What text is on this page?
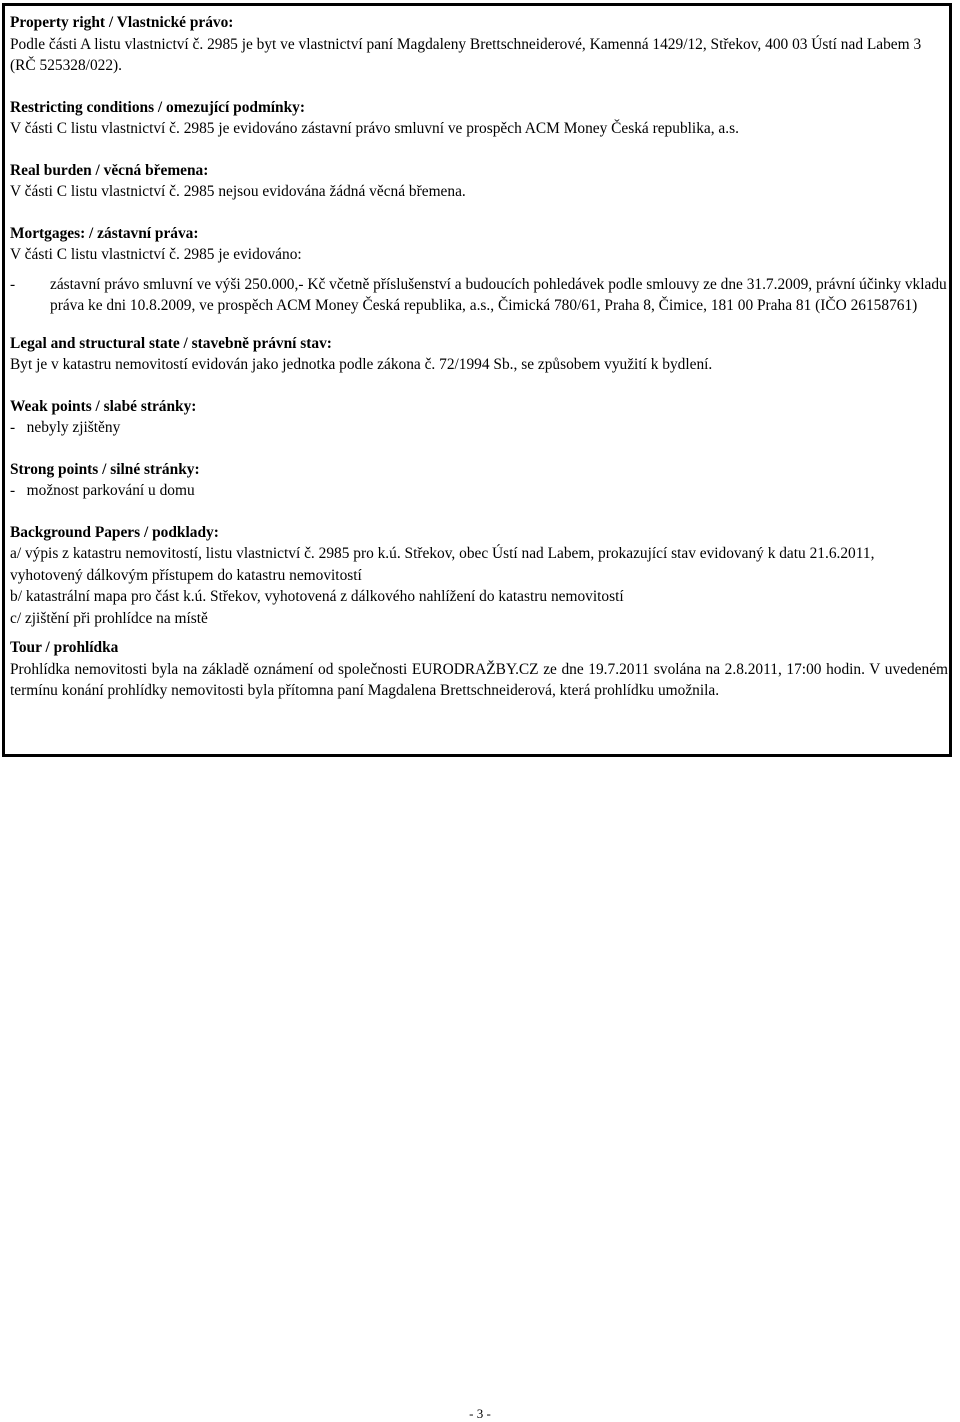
Property right / Vlastnické právo:

Podle části A listu vlastnictví č. 2985 je byt ve vlastnictví paní Magdaleny Brettschneiderové, Kamenná 1429/12, Střekov, 400 03 Ústí nad Labem 3 (RČ 525328/022).

Restricting conditions / omezující podmínky:

V části C listu vlastnictví č. 2985 je evidováno zástavní právo smluvní ve prospěch ACM Money Česká republika, a.s.

Real burden / věcná břemena:

V části C listu vlastnictví č. 2985 nejsou evidována žádná věcná břemena.

Mortgages: / zástavní práva:

V části C listu vlastnictví č. 2985 je evidováno:

-	zástavní právo smluvní ve výši 250.000,- Kč včetně příslušenství a budoucích pohledávek podle smlouvy ze dne 31.7.2009, právní účinky vkladu práva ke dni 10.8.2009, ve prospěch ACM Money Česká republika, a.s., Čimická 780/61, Praha 8, Čimice, 181 00 Praha 81 (IČO 26158761)

Legal and structural state / stavebně právní stav:

Byt je v katastru nemovitostí evidován jako jednotka podle zákona č. 72/1994 Sb., se způsobem využití k bydlení.

Weak points / slabé stránky:

-   nebyly zjištěny

Strong points / silné stránky:

-   možnost parkování u domu

Background Papers / podklady:

a/ výpis z katastru nemovitostí, listu vlastnictví č. 2985 pro k.ú. Střekov, obec Ústí nad Labem, prokazující stav evidovaný k datu 21.6.2011, vyhotovený dálkovým přístupem do katastru nemovitostí

b/ katastrální mapa pro část k.ú. Střekov, vyhotovená z dálkového nahlížení do katastru nemovitostí

c/ zjištění při prohlídce na místě

Tour / prohlídka

Prohlídka nemovitosti byla na základě oznámení od společnosti EURODRAŽBY.CZ ze dne 19.7.2011 svolána na 2.8.2011, 17:00 hodin. V uvedeném termínu konání prohlídky nemovitosti byla přítomna paní Magdalena Brettschneiderová, která prohlídku umožnila.

- 3 -
